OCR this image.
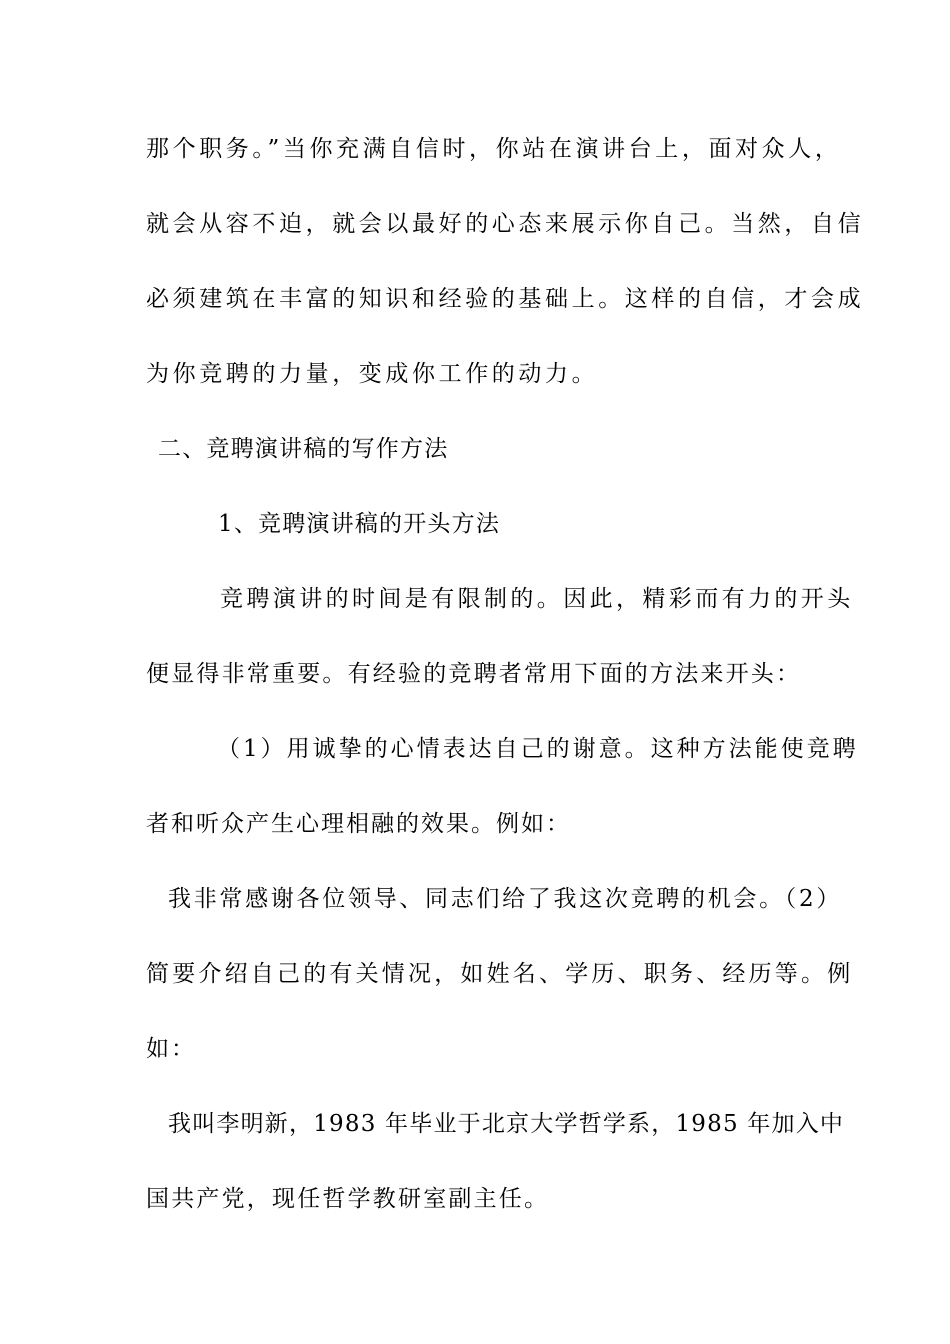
那个职务。”当你充满自信时，你站在演讲台上，面对众人，
就会从容不迫，就会以最好的心态来展示你自己。当然，自信
必须建筑在丰富的知识和经验的基础上。这样的自信，才会成
为你竞聘的力量，变成你工作的动力。
二、竞聘演讲稿的写作方法
1、竞聘演讲稿的开头方法
竞聘演讲的时间是有限制的。因此，精彩而有力的开头
便显得非常重要。有经验的竞聘者常用下面的方法来开头：
（1）用诚挚的心情表达自己的谢意。这种方法能使竞聘
者和听众产生心理相融的效果。例如：
我非常感谢各位领导、同志们给了我这次竞聘的机会。（2）
简要介绍自己的有关情况，如姓名、学历、职务、经历等。例
如：
我叫李明新，1983 年毕业于北京大学哲学系，1985 年加入中
国共产党，现任哲学教研室副主任。
